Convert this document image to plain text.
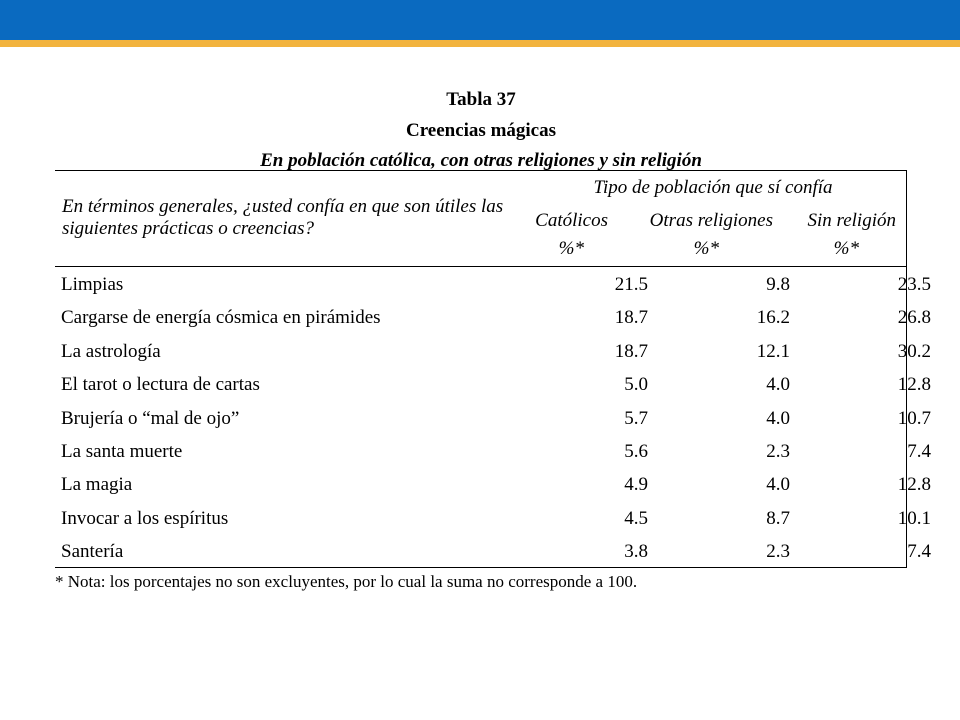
Tabla 37
Creencias mágicas
En población católica, con otras religiones y sin religión
En términos generales, ¿usted confía en que son útiles las siguientes prácticas o creencias?
Tipo de población que sí confía
Católicos	Otras religiones	Sin religión
%*	%*	%*
Limpias	21.5	9.8	23.5
Cargarse de energía cósmica en pirámides	18.7	16.2	26.8
La astrología	18.7	12.1	30.2
El tarot o lectura de cartas	5.0	4.0	12.8
Brujería o “mal de ojo”	5.7	4.0	10.7
La santa muerte	5.6	2.3	7.4
La magia	4.9	4.0	12.8
Invocar a los espíritus	4.5	8.7	10.1
Santería	3.8	2.3	7.4
* Nota: los porcentajes no son excluyentes, por lo cual la suma no corresponde a 100.
